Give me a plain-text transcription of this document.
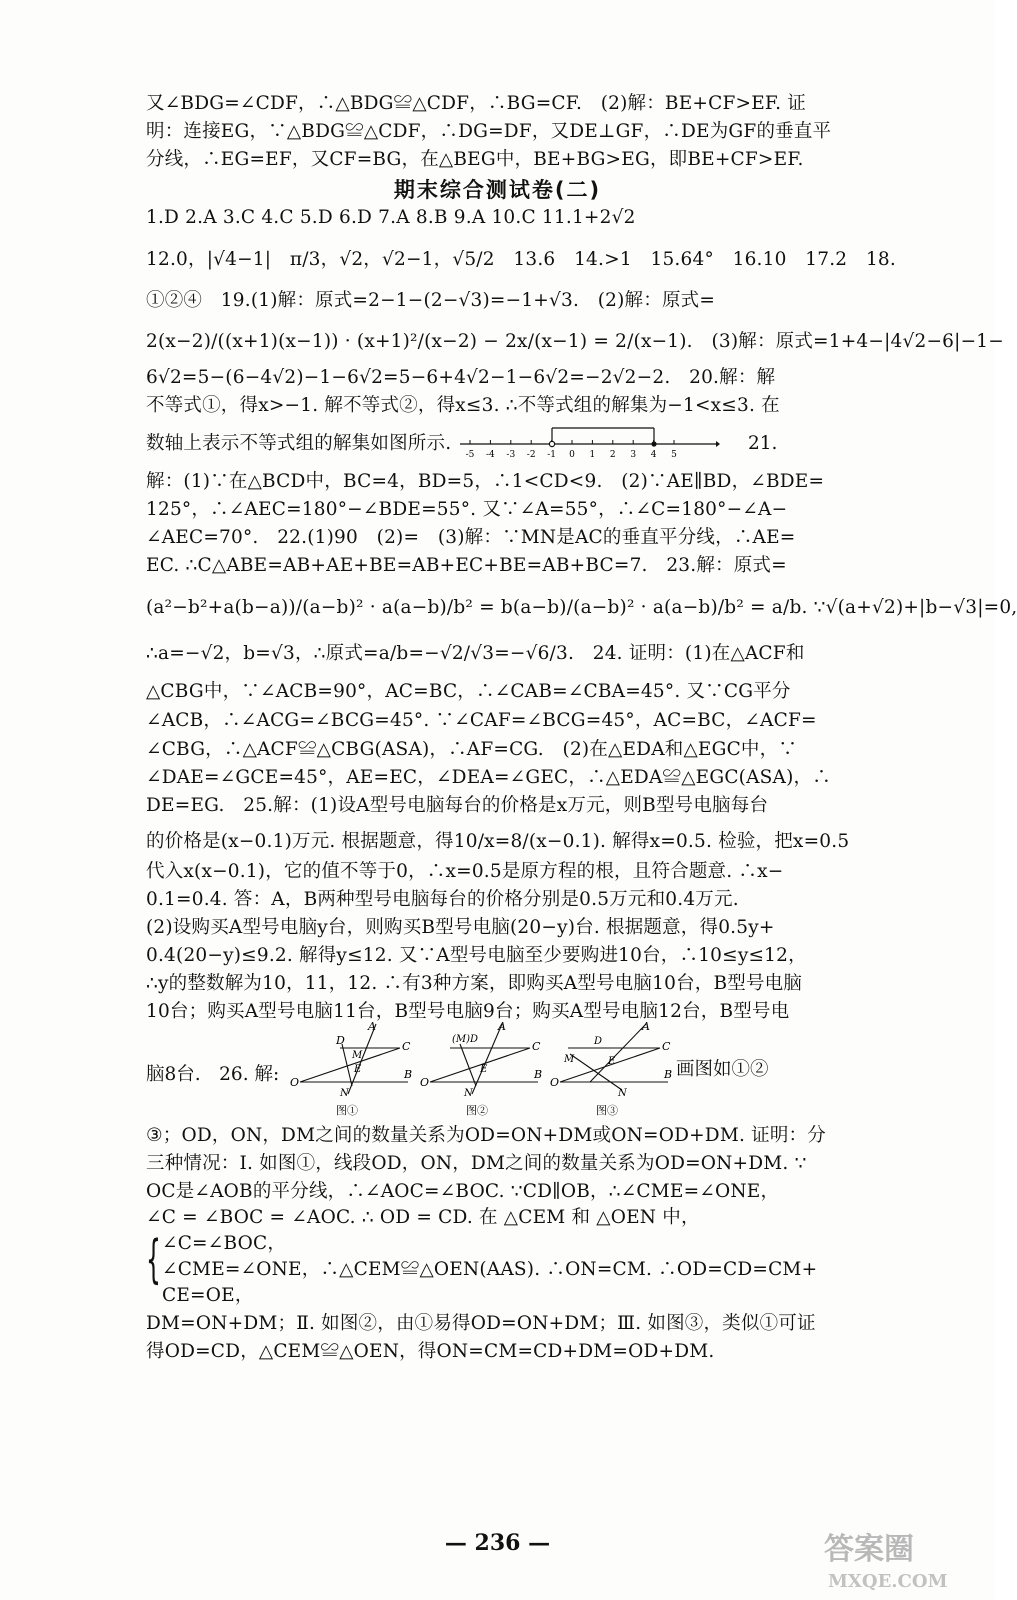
又∠BDG=∠CDF，∴△BDG≌△CDF，∴BG=CF.　(2)解：BE+CF>EF. 证
明：连接EG，∵△BDG≌△CDF，∴DG=DF，又DE⊥GF，∴DE为GF的垂直平
分线，∴EG=EF，又CF=BG，在△BEG中，BE+BG>EG，即BE+CF>EF.
期末综合测试卷(二)
1.D 2.A 3.C 4.C 5.D 6.D 7.A 8.B 9.A 10.C 11.1+2√2
12.0，|√4−1|　π/3，√2，√2−1，√5/2　13.6　14.>1　15.64°　16.10　17.2　18.
①②④　19.(1)解：原式=2−1−(2−√3)=−1+√3.　(2)解：原式=
2(x−2)/((x+1)(x−1)) · (x+1)²/(x−2) − 2x/(x−1) = 2/(x−1).　(3)解：原式=1+4−|4√2−6|−1−
6√2=5−(6−4√2)−1−6√2=5−6+4√2−1−6√2=−2√2−2.　20.解：解
不等式①，得x>−1. 解不等式②，得x≤3. ∴不等式组的解集为−1<x≤3. 在
数轴上表示不等式组的解集如图所示.
-5 -4 -3 -2 -1 0 1 2 3 4 5
21.
解：(1)∵在△BCD中，BC=4，BD=5，∴1<CD<9.　(2)∵AE∥BD，∠BDE=
125°，∴∠AEC=180°−∠BDE=55°. 又∵∠A=55°，∴∠C=180°−∠A−
∠AEC=70°.　22.(1)90　(2)=　(3)解：∵MN是AC的垂直平分线，∴AE=
EC. ∴C△ABE=AB+AE+BE=AB+EC+BE=AB+BC=7.　23.解：原式=
(a²−b²+a(b−a))/(a−b)² · a(a−b)/b² = b(a−b)/(a−b)² · a(a−b)/b² = a/b. ∵√(a+√2)+|b−√3|=0,
∴a=−√2，b=√3，∴原式=a/b=−√2/√3=−√6/3.　24. 证明：(1)在△ACF和
△CBG中，∵∠ACB=90°，AC=BC，∴∠CAB=∠CBA=45°. 又∵CG平分
∠ACB，∴∠ACG=∠BCG=45°. ∵∠CAF=∠BCG=45°，AC=BC，∠ACF=
∠CBG，∴△ACF≌△CBG(ASA)，∴AF=CG.　(2)在△EDA和△EGC中，∵
∠DAE=∠GCE=45°，AE=EC，∠DEA=∠GEC，∴△EDA≌△EGC(ASA)，∴
DE=EG.　25.解：(1)设A型号电脑每台的价格是x万元，则B型号电脑每台
的价格是(x−0.1)万元. 根据题意，得10/x=8/(x−0.1). 解得x=0.5. 检验，把x=0.5
代入x(x−0.1)，它的值不等于0，∴x=0.5是原方程的根，且符合题意. ∴x−
0.1=0.4. 答：A，B两种型号电脑每台的价格分别是0.5万元和0.4万元.
(2)设购买A型号电脑y台，则购买B型号电脑(20−y)台. 根据题意，得0.5y+
0.4(20−y)≤9.2. 解得y≤12. 又∵A型号电脑至少要购进10台，∴10≤y≤12，
∴y的整数解为10，11，12. ∴有3种方案，即购买A型号电脑10台，B型号电脑
10台；购买A型号电脑11台，B型号电脑9台；购买A型号电脑12台，B型号电
脑8台.　26. 解: O
B
C
A
D
M
E
N
图①
O
B
C
A
(M)D
E
N
图②
O
B
C
A
D
M	E
N
图③
画图如①②
③；OD，ON，DM之间的数量关系为OD=ON+DM或ON=OD+DM. 证明：分
三种情况：Ⅰ. 如图①，线段OD，ON，DM之间的数量关系为OD=ON+DM. ∵
OC是∠AOB的平分线，∴∠AOC=∠BOC. ∵CD∥OB，∴∠CME=∠ONE，
∠C = ∠BOC = ∠AOC. ∴ OD = CD. 在 △CEM 和 △OEN 中，
{ ∠C=∠BOC，
∠CME=∠ONE，∴△CEM≌△OEN(AAS). ∴ON=CM. ∴OD=CD=CM+
CE=OE，
DM=ON+DM；Ⅱ. 如图②，由①易得OD=ON+DM；Ⅲ. 如图③，类似①可证
得OD=CD，△CEM≌△OEN，得ON=CM=CD+DM=OD+DM.
— 236 —	答案圈
MXQE.COM
